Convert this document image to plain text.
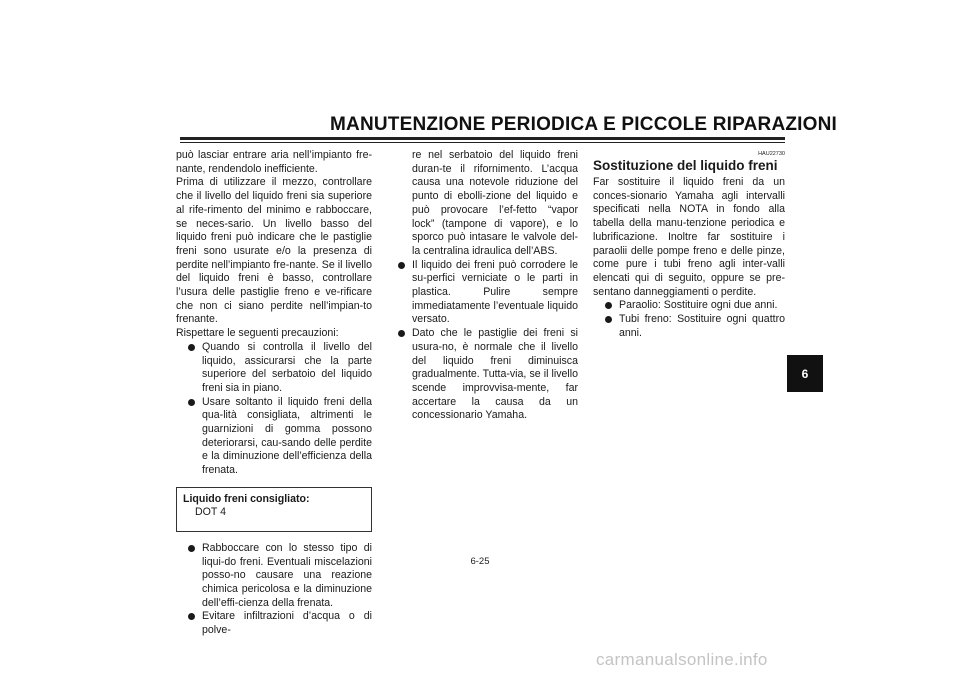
MANUTENZIONE PERIODICA E PICCOLE RIPARAZIONI

può lasciar entrare aria nell’impianto fre-nante, rendendolo inefficiente.

Prima di utilizzare il mezzo, controllare che il livello del liquido freni sia superiore al rife-rimento del minimo e rabboccare, se neces-sario. Un livello basso del liquido freni può indicare che le pastiglie freni sono usurate e/o la presenza di perdite nell’impianto fre-nante. Se il livello del liquido freni è basso, controllare l’usura delle pastiglie freno e ve-rificare che non ci siano perdite nell’impian-to frenante.

Rispettare le seguenti precauzioni:

Quando si controlla il livello del liquido, assicurarsi che la parte superiore del serbatoio del liquido freni sia in piano.
Usare soltanto il liquido freni della qua-lità consigliata, altrimenti le guarnizioni di gomma possono deteriorarsi, cau-sando delle perdite e la diminuzione dell’efficienza della frenata.
Liquido freni consigliato:
DOT 4
Rabboccare con lo stesso tipo di liqui-do freni. Eventuali miscelazioni posso-no causare una reazione chimica pericolosa e la diminuzione dell’effi-cienza della frenata.
Evitare infiltrazioni d’acqua o di polve-
re nel serbatoio del liquido freni duran-te il rifornimento. L’acqua causa una notevole riduzione del punto di ebolli-zione del liquido e può provocare l’ef-fetto “vapor lock” (tampone di vapore), e lo sporco può intasare le valvole del-la centralina idraulica dell’ABS.
Il liquido dei freni può corrodere le su-perfici verniciate o le parti in plastica. Pulire sempre immediatamente l’eventuale liquido versato.
Dato che le pastiglie dei freni si usura-no, è normale che il livello del liquido freni diminuisca gradualmente. Tutta-via, se il livello scende improvvisa-mente, far accertare la causa da un concessionario Yamaha.
HAU22730
Sostituzione del liquido freni

Far sostituire il liquido freni da un conces-sionario Yamaha agli intervalli specificati nella NOTA in fondo alla tabella della manu-tenzione periodica e lubrificazione. Inoltre far sostituire i paraolii delle pompe freno e delle pinze, come pure i tubi freno agli inter-valli elencati qui di seguito, oppure se pre-sentano danneggiamenti o perdite.

Paraolio: Sostituire ogni due anni.
Tubi freno: Sostituire ogni quattro anni.
6
6-25
carmanualsonline.info
